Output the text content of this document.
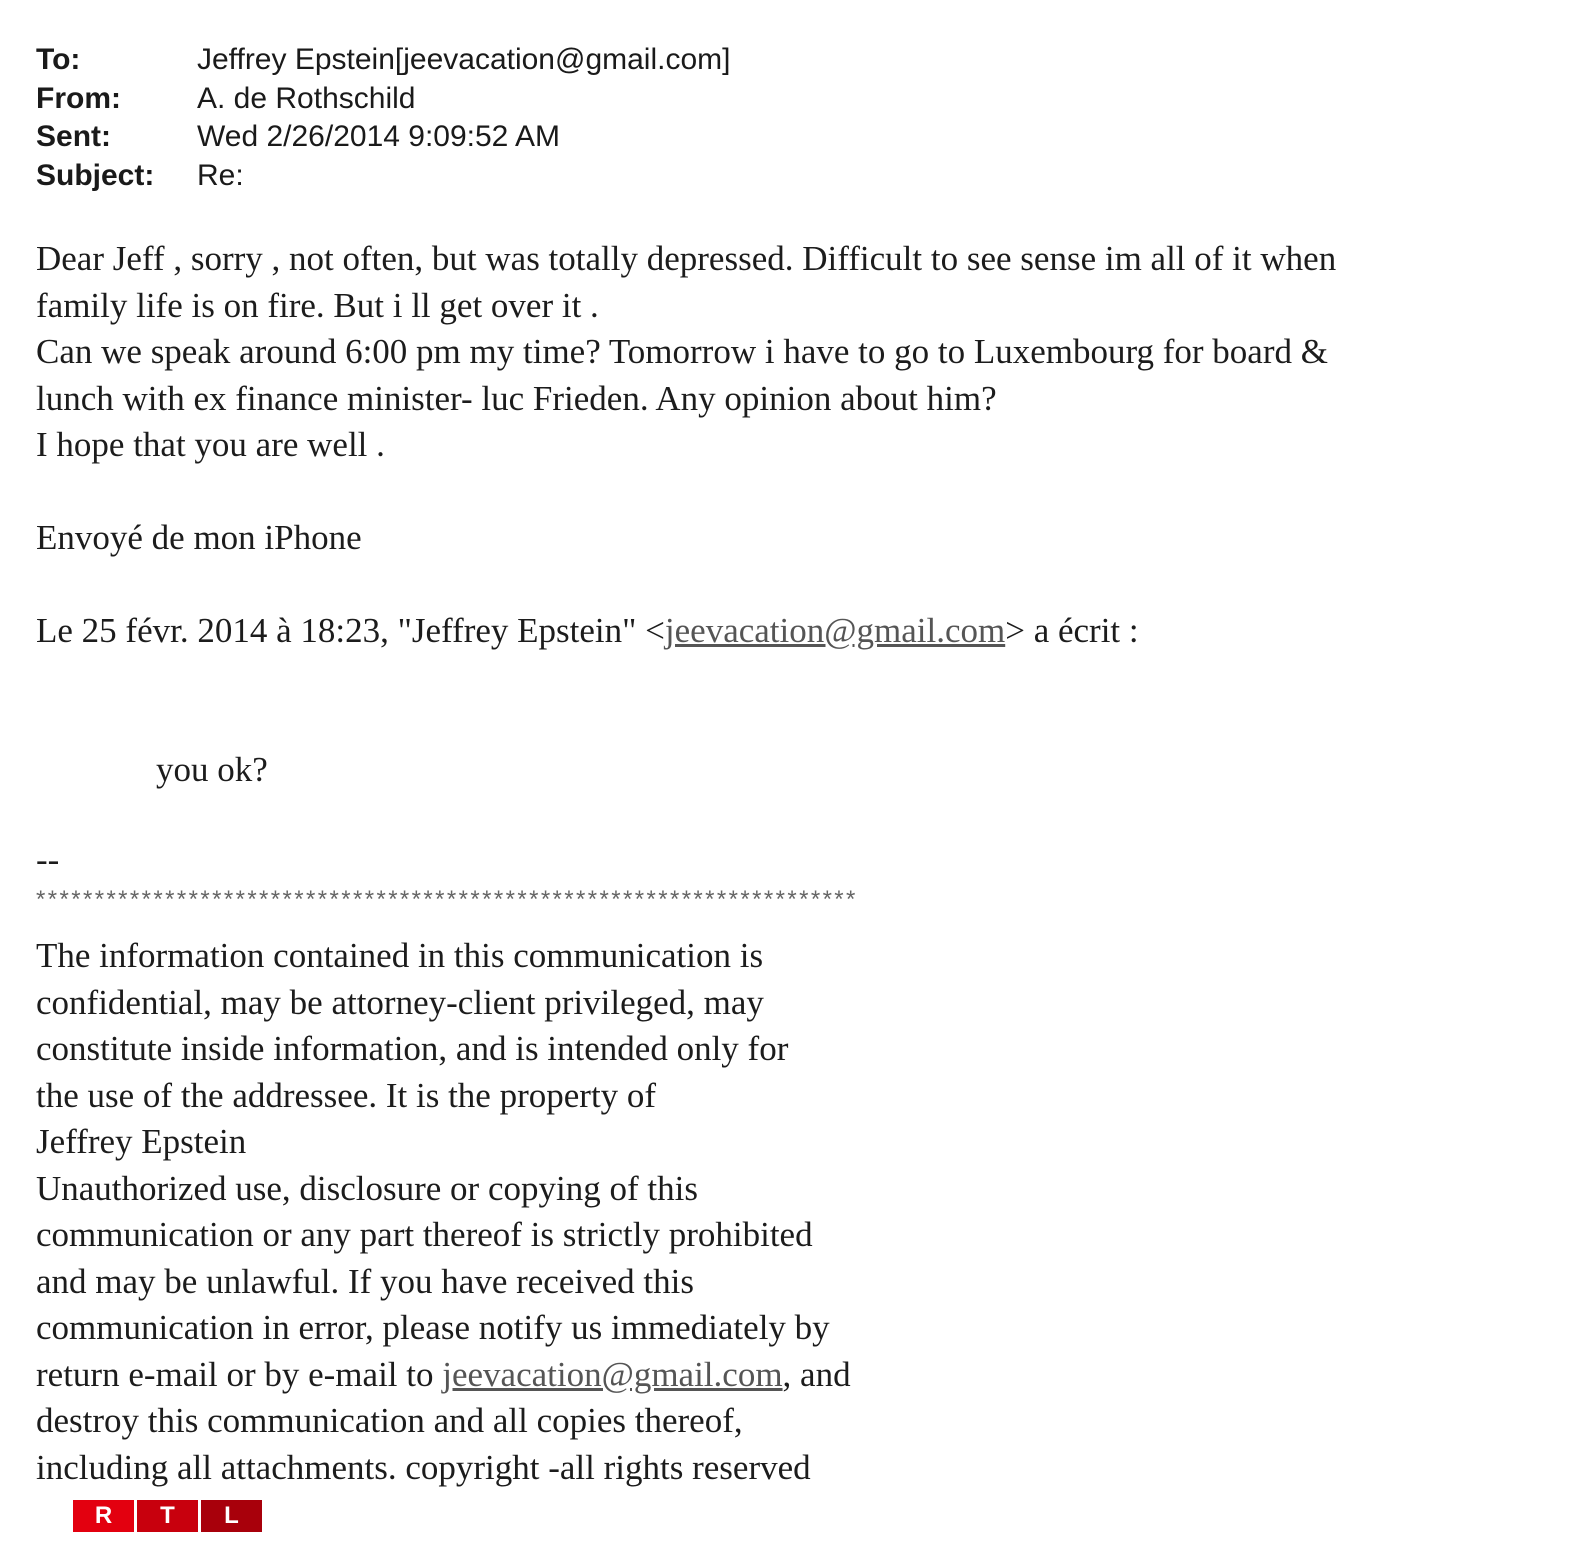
To:	Jeffrey Epstein[jeevacation@gmail.com]
From:	A. de Rothschild
Sent:	Wed 2/26/2014 9:09:52 AM
Subject: Re:
Dear Jeff , sorry , not often, but was totally depressed. Difficult to see sense im all of it when
family life is on fire. But i ll get over it .
Can we speak around 6:00 pm my time? Tomorrow i have to go to Luxembourg for board &
lunch with ex finance minister- luc Frieden. Any opinion about him?
I hope that you are well .
Envoyé de mon iPhone
Le 25 févr. 2014 à 18:23, "Jeffrey Epstein" <jeevacation@gmail.com> a écrit :
you ok?
--
**********************************************************************
The information contained in this communication is
confidential, may be attorney-client privileged, may
constitute inside information, and is intended only for
the use of the addressee. It is the property of
Jeffrey Epstein
Unauthorized use, disclosure or copying of this
communication or any part thereof is strictly prohibited
and may be unlawful. If you have received this
communication in error, please notify us immediately by
return e-mail or by e-mail to jeevacation@gmail.com, and
destroy this communication and all copies thereof,
including all attachments. copyright -all rights reserved
R	T	L
